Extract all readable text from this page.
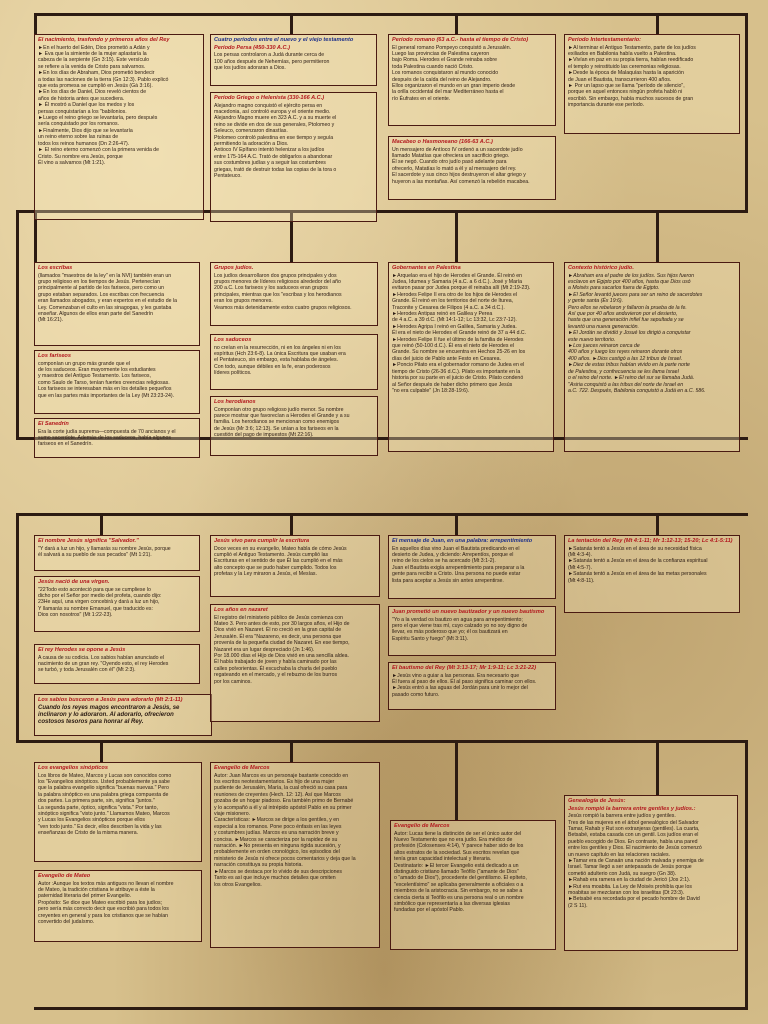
El nacimiento, trasfondo y primeros años del Rey

►En el huerto del Edén, Dios prometió a Adán y
► Eva que la simiente de la mujer aplastaría la
cabeza de la serpiente (Gn 3:15). Este versículo
se refiere a la venida de Cristo para salvarnos.
►En los días de Abraham, Dios prometió bendecir
a todas las naciones de la tierra (Gn 12:3). Pablo explicó
que esta promesa se cumplió en Jesús (Gá 3:16).
►En los días de Daniel, Dios reveló cientos de
años de historia antes que sucediera.
► Él mostró a Daniel que los medos y los
persas conquistarían a los "babilonios.
►Luego el reino griego se levantaría, pero después
sería conquistado por los romanos.
►Finalmente, Dios dijo que se levantaría
un reino eterno sobre las ruinas de
todos los reinos humanos (Dn 2:26-47).
► El reino eterno comenzó con la primera venida de
Cristo. Su nombre era Jesús, porque
Él vino a salvarnos (Mt 1:21).

Cuatro períodos entre el nuevo y el viejo testamento
Período Persa (450-330 A.C.)

Los persas controlaron a Judá durante cerca de
100 años después de Nehemías, pero permitieron
que los judíos adoraran a Dios.

Período Griego o Helenista (330-166 A.C.)

Alejandro magno conquistó el ejército persa en
macedonia, así controló europa y el oriente medio.
Alejandro Magno muere en 323 A.C. y a su muerte el
reino se divide en dos de sus generales, Ptolomeo y
Seleuco, comenzaron dinastías.
Ptolomeo controló palestina en ese tiempo y seguía
permitiendo la adoración a Dios.
Antioco IV Epífano intentó helenizar a los judíos
entre 175-164 A.C. Trató de obligarlos a abandonar
sus costumbres judías y a seguir las costumbres
griegas, trató de destruir todas las copias de la tora o
Pentateuco.

Período romano (63 a.C.- hasta el tiempo de Cristo)

El general romano Pompeyo conquistó a Jerusalén.
Luego las provincias de Palestina cayeron
bajo Roma. Herodes el Grande reinaba sobre
toda Palestina cuando nació Cristo.
Los romanos conquistaron al mundo conocido
después de la caída del reino de Alejandro.
Ellos organizaron el mundo en un gran imperio desde
la orilla occidental del mar Mediterráneo hasta el
río Éufrates en el oriente.

Macabeo o Hasmoneano (166-63 A.C.)

Un mensajero de Antíoco IV ordenó a un sacerdote judío
llamado Matatías que ofreciera un sacrificio griego.
Él se negó. Cuando otro judío pasó adelante para
ofrecerlo, Matatías lo mató a él y al mensajero del rey.
El sacerdote y sus cinco hijos destruyeron el altar griego y
huyeron a las montañas. Así comenzó la rebelión macabea.

Período Intertestamentario:

►Al terminar el Antiguo Testamento, parte de los judíos
exiliados en Babilonia había vuelto a Palestina.
►Vivían en paz en su propia tierra, habían reedificado
el templo y reinstituido las ceremonias religiosas.
►Desde la época de Malaquías hasta la aparición
de Juan el Bautista, transcurrieron 400 años.
► Por un lapso que se llama "período de silencio",
porque en aquel entonces ningún profeta habló ni
escribió. Sin embargo, había muchos sucesos de gran
importancia durante ese período.

Los escribas

(llamados "maestros de la ley" en la NVI) también eran un
grupo religioso en los tiempos de Jesús. Pertenecían
principalmente al partido de los fariseos, pero como un
grupo estaban separados. Los escribas con frecuencia
eran llamados abogados, y eran expertos en el estudio de la
Ley. Comenzaban el culto en las sinagogas, y les gustaba
enseñar. Algunos de ellos eran parte del Sanedrín
(Mt 16:21).

Los fariseos

componían un grupo más grande que el
de los saduceos. Eran mayormente los estudiantes
y maestros del Antiguo Testamento. Los fariseos,
como Saulo de Tarso, tenían fuertes creencias religiosas.
Los fariseos se interesaban más en los detalles pequeños
que en las partes más importantes de la Ley (Mt 23:23-24).

El Sanedrín

Era la corte judía suprema—compuesta de 70 ancianos y el
sumo sacerdote. Además de los saduceos, había algunos
fariseos en el Sanedrín.

Grupos judíos.

Los judíos desarrollaron dos grupos principales y dos
grupos menores de líderes religiosos alrededor del año
200 a.C. Los fariseos y los saduceos eran grupos
principales, mientras que los "escribas y los herodianos
eran los grupos menores.
Veamos más detenidamente estos cuatro grupos religiosos.

Los saduceos

no creían en la resurrección, ni en los ángeles ni en los
espíritus (Hch 23:6-8). La única Escritura que usaban era
el Pentateuco, sin embargo, esta hablaba de ángeles.
Con todo, aunque débiles en la fe, eran poderosos
líderes políticos.

Los herodianos

Componían otro grupo religioso judío menor. Su nombre
parece mostrar que favorecían a Herodes el Grande y a su
familia. Los herodianos se mencionan como enemigos
de Jesús (Mr 3:6; 12:13). Se unían a los fariseos en la
cuestión del pago de impuestos (Mt 22:16).

Gobernantes en Palestina

►Arquelao era el hijo de Herodes el Grande. Él reinó en
Judea, Idumea y Samaria (4 a.C. a 6 d.C.). José y María
evitaron pasar por Judea porque él reinaba allí (Mt 2:19-23).
►Herodes Felipe II era otro de los hijos de Herodes el
Grande. Él reinó en los territorios del norte de Iturea,
Traconite y Cesarea de Filipos (4 a.C. a 34 d.C.).
►Herodes Antipas reinó en Galilea y Perea
de 4 a.C. a 39 d.C. (Mt 14:1-12; Lc 13:32, Lc 23:7-12).
►Herodes Agripa I reinó en Galilea, Samaria y Judea.
Él era el nieto de Herodes el Grande reinó de 37 a 44 d.C.
►Herodes Felipe II fue el último de la familia de Herodes
que reinó (50-100 d.C.). Él era el nieto de Herodes el
Grande. Su nombre se encuentra en Hechos 25-26 en los
días del juicio de Pablo ante Festo en Cesarea.
►Poncio Pilato era el gobernador romano de Judea en el
tiempo de Cristo (26-36 d.C.). Pilato es importante en la
historia por su parte en el juicio de Cristo. Pilato condenó
al Señor después de haber dicho primero que Jesús
"no era culpable" (Jn 18:28-19:6).

Contexto histórico judío.

►Abraham era el padre de los judíos. Sus hijos fueron
esclavos en Egipto por 400 años, hasta que Dios usó
a Moisés para sacarlos fuera de Egipto.
►El Señor levantó jueces para ser un reino de sacerdotes
y gente santa (Éx 19:6).
Pero ellos se rebelaron y fallaron la prueba de la fe.
Así que por 40 años anduvieron por el desierto,
hasta que una generación infiel fue sepultada y se
levantó una nueva generación.
►El Jordán se dividió y Josué los dirigió a conquistar
este nuevo territorio.
►Los jueces reinaron cerca de
400 años y luego los reyes reinaron durante otros
400 años. ►Dios castigó a las 12 tribus de Israel.
►Diez de estas tribus habían vivido en la parte norte
de Palestina, y confrecuencia se les llama Israel
o el reino del norte. ►El reino del sur se llamaba Judá.
"Asiria conquistó a las tribus del norte de Israel en
a.C. 722. Después, Babilonia conquistó a Judá en a.C. 586.

El nombre Jesús significa "Salvador."

"Y dará a luz un hijo, y llamarás su nombre Jesús, porque
él salvará a su pueblo de sus pecados" (Mt 1:21).

Jesús nació de una virgen.

"22Todo esto aconteció para que se cumpliese lo
dicho por el Señor por medio del profeta, cuando dijo:
23He aquí, una virgen concebirá y dará a luz un hijo,
Y llamarás su nombre Emanuel, que traducido es:
Dios con nosotros" (Mt 1:22-23).

El rey Herodes se opone a Jesús

A causa de su codicia. Los sabios habían anunciado el
nacimiento de un gran rey. "Oyendo esto, el rey Herodes
se turbó, y toda Jerusalén con él" (Mt 2:3).

Los sabios buscaron a Jesús para adorarlo (Mt 2:1-11)

Cuando los reyes magos encontraron a Jesús, se
inclinaron y lo adoraron. Al adorarlo, ofrecieron
costosos tesoros para honrar al Rey.

Jesús vivo para cumplir la escritura

Doce veces en su evangelio, Mateo habla de cómo Jesús
cumplió el Antiguo Testamento. Jesús cumplió las
Escrituras en el sentido de que Él las cumplió en el más
alto concepto que se pudo haber cumplido. Todos los
profetas y la Ley miraron a Jesús, el Mesías.

Los años en nazaret

El registro del ministerio público de Jesús comienza con
Mateo 3. Pero antes de esto, por 30 largos años, el Hijo de
Dios vivió en Nazaret. Él no creció en la gran capital de
Jerusalén. Él era "Nazareno, es decir, una persona que
provenía de la pequeña ciudad de Nazaret. En ese tiempo,
Nazaret era un lugar despreciado (Jn 1:46).
Por 18.000 días el Hijo de Dios vivió en una sencilla aldea.
Él había trabajado de joven y había caminado por las
calles polvorientas. Él escuchaba la charla del pueblo
regateando en el mercado, y el rebuzno de los burros
por los caminos.

El mensaje de Juan, en una palabra: arrepentimiento

En aquellos días vino Juan el Bautista predicando en el
desierto de Judea, y diciendo: Arrepentíos, porque el
reino de los cielos se ha acercado (Mt 3:1-2).
Juan el Bautista exigía arrepentimiento para preparar a la
gente para recibir a Cristo. Una persona no puede estar
lista para aceptar a Jesús sin antes arrepentirse.

Juan prometió un nuevo bautizador y un nuevo bautismo

"Yo a la verdad os bautizo en agua para arrepentimiento;
pero el que viene tras mí, cuyo calzado yo no soy digno de
llevar, es más poderoso que yo; él os bautizará en
Espíritu Santo y fuego" (Mt 3:11).

El bautismo del Rey (Mt 3:13-17; Mr 1:9-11; Lc 3:21-22)

►Jesús vino a guiar a las personas. Era necesario que
Él fuera al paso de ellos. Él al paso significa caminar con ellos.
►Jesús entró a las aguas del Jordán para unir lo mejor del
pasado como futuro.

La tentación del Rey (Mt 4:1-11; Mr 1:12-13; 15-20; Lc 4:1-5:11)

►Satanás tentó a Jesús en el área de su necesidad física
(Mt 4:3-4).
►Satanás tentó a Jesús en el área de la confianza espiritual
(Mt 4:5-7).
►Satanás tentó a Jesús en el área de las metas personales
(Mt 4:8-11).

Los evangelios sinópticos

Los libros de Mateo, Marcos y Lucas son conocidos como
los "Evangelios sinópticos. Usted probablemente ya sabe
que la palabra evangelio significa "buenas nuevas." Pero
la palabra sinóptico es una palabra griega compuesta de
dos partes. La primera parte, sin, significa "juntos."
La segunda parte, óptico, significa "vista." Por tanto,
sinóptico significa "visto junto." Llamamos Mateo, Marcos
y Lucas los Evangelios sinópticos porque ellos
"ven todo junto." Es decir, ellos describen la vida y las
enseñanzas de Cristo de la misma manera.

Evangelio de Mateo

Autor :Aunque los textos más antiguos no llevan el nombre
de Mateo, la tradición cristiana le atribuye a éste la
paternidad literaria del primer Evangelio.
Propósito: Se dice que Mateo escribió para los judíos;
pero sería más correcto decir que escribió para todos los
creyentes en general y para los cristianos que se habían
convertido del judaísmo.

Evangelio de Marcos

Autor: Juan Marcos es un personaje bastante conocido en
los escritos neotestamentarios. Es hijo de una mujer
pudiente de Jerusalén, María, la cual ofreció su casa para
reuniones de creyentes (Hech. 12: 12). Así que Marcos
gozaba de un hogar piadoso. Era también primo de Bernabé
y lo acompañó a él y al intrépido apóstol Pablo en su primer
viaje misionero.
Características: ►Marcos se dirige a los gentiles, y en
especial a los romanos. Pone poco énfasis en las leyes
y costumbres judías. Marcos es una narración breve y
concisa. ►Marcos se caracteriza por la rapidez de su
narración. ►No presenta en ninguna rigida sucesión, y
probablemente en orden cronológico, los episodios del
ministerio de Jesús ni ofrece pocos comentarios y deja que la
narración constituya su propia historia.
►Marcos se destaca por lo vívido de sus descripciones
Tanto es así que incluye muchos detalles que omiten
los otros Evangelios.

Evangelio de Marcos

Autor: Lucas tiene la distinción de ser el único autor del
Nuevo Testamento que no era judío. Era médico de
profesión (Colosenses 4:14), Y parece haber sido de los
altos estratos de la sociedad. Sus escritos revelan que
tenía gran capacidad intelectual y literaria.
Destinatario: ►El tercer Evangelio está dedicado a un
distinguido cristiano llamado Teófilo ("amante de Dios"
o "amado de Dios"), procedente del gentilismo. El epíteto,
"excelentísimo" se aplicaba generalmente a oficiales o a
miembros de la aristocracia. Sin embargo, no se sabe a
ciencia cierta si Teófilo es una persona real o un nombre
simbólico que representaría a las diversas iglesias
fundadas por el apóstol Pablo.

Genealogía de Jesús:
Jesús rompió la barrera entre gentiles y judíos.:

Jesús rompió la barrera entre judíos y gentiles.
Tres de las mujeres en el árbol genealógico del Salvador
Tamar, Rahab y Rut son extranjeras (gentiles). La cuarta,
Betsabé, estaba casada con un gentil. Los judíos eran el
pueblo escogido de Dios. En contraste, había una pared
entre los gentiles y Dios. El nacimiento de Jesús comenzó
un nuevo capítulo en las relaciones raciales.
►Tamar era de Canaán una nación malvada y enemiga de
Israel. Tamar llegó a ser antepasada de Jesús porque
cometió adulterio con Judá, su suegro (Gn 38).
►Rahab era ramera en la ciudad de Jericó (Jos 2:1).
►Rut era moabita. La Ley de Moisés prohibía que los
moabitas se mezclaran con los israelitas (Dt 23:3).
►Betsabé era recordada por el pecado hombre de David
(2 S 11).
